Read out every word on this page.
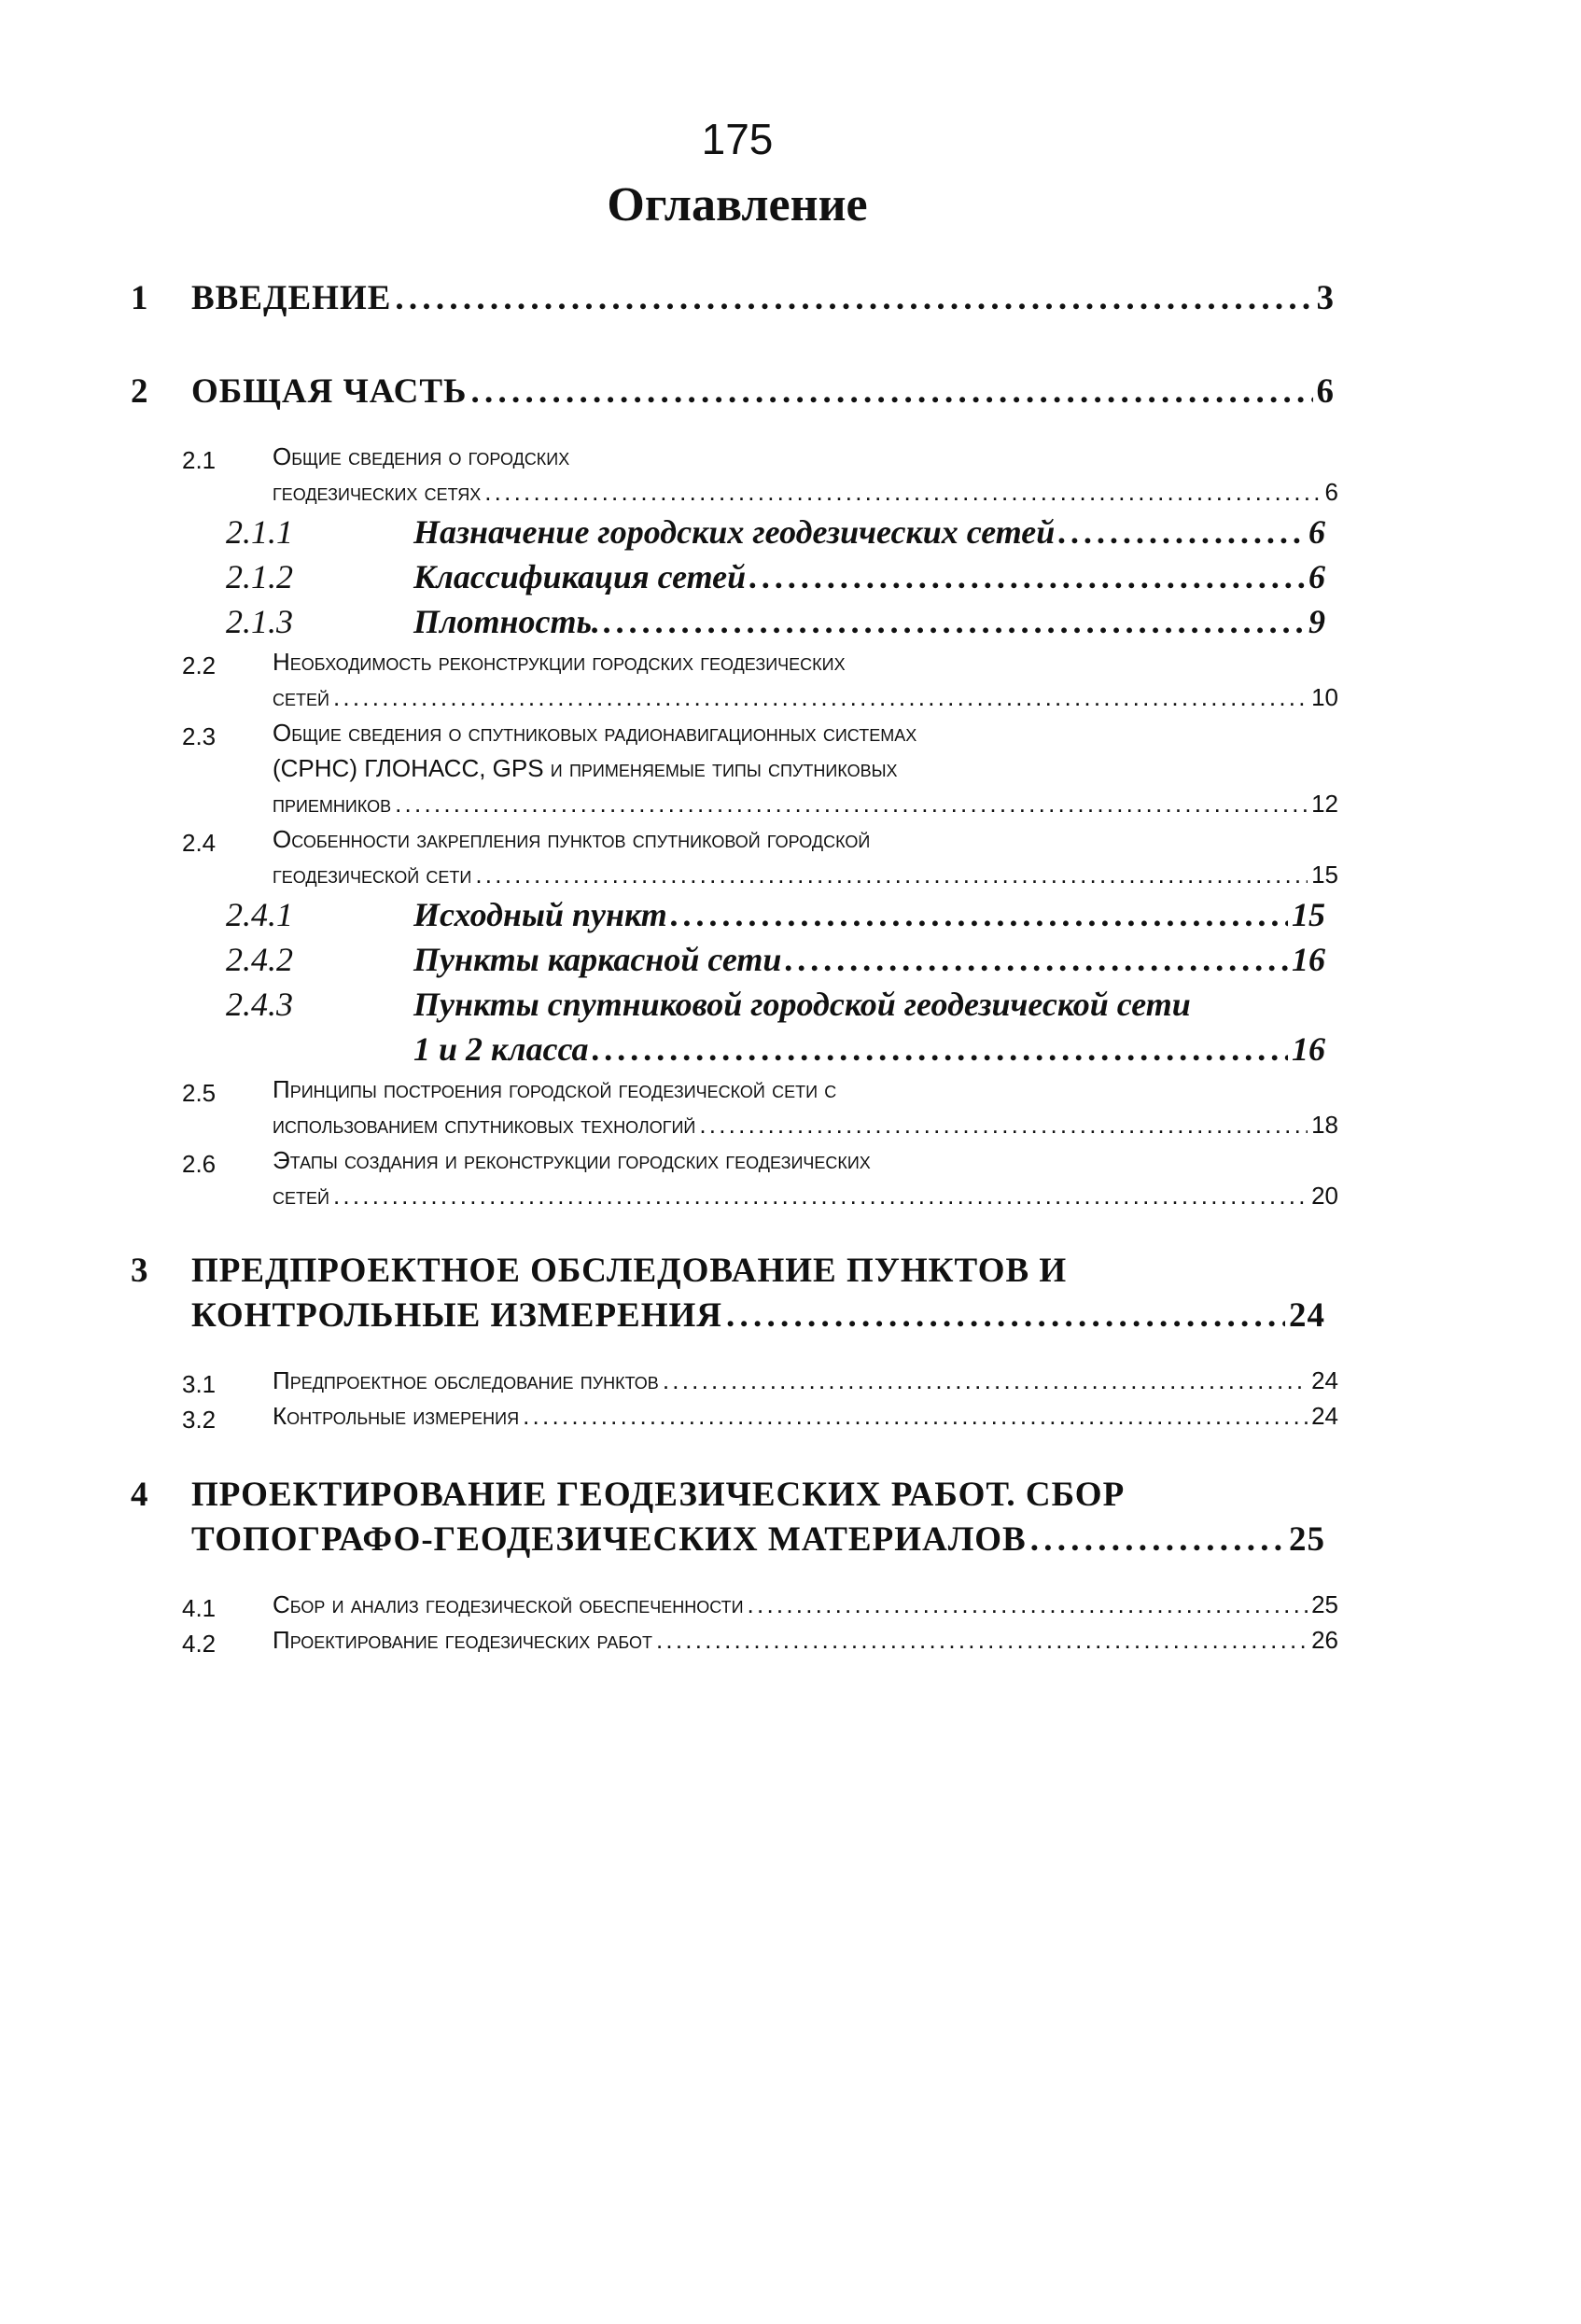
175
Оглавление
1 ВВЕДЕНИЕ . . .	3
2 ОБЩАЯ ЧАСТЬ . . .	6
2.1 Общие сведения о городских
геодезических сетях . . .	6
2.1.1	Назначение городских геодезических сетей . . .	6
2.1.2	Классификация сетей . . .	6
2.1.3	Плотность. . . .	9
2.2 Необходимость реконструкции городских геодезических
сетей . . .	10
2.3 Общие сведения о спутниковых радионавигационных системах
(СРНС) ГЛОНАСС, GPS и применяемые типы спутниковых
приемников . . .	12
2.4 Особенности закрепления пунктов спутниковой городской
геодезической сети . . .	15
2.4.1	Исходный пункт . . .	15
2.4.2	Пункты каркасной сети . . .	16
2.4.3	Пункты спутниковой городской геодезической сети
1 и 2 класса . . .	16
2.5 Принципы построения городской геодезической сети с
использованием спутниковых технологий . . .	18
2.6 Этапы создания и реконструкции городских геодезических
сетей . . .	20
3 ПРЕДПРОЕКТНОЕ ОБСЛЕДОВАНИЕ ПУНКТОВ И
КОНТРОЛЬНЫЕ ИЗМЕРЕНИЯ . . .	24
3.1 Предпроектное обследование пунктов . . .	24
3.2 Контрольные измерения . . .	24
4 ПРОЕКТИРОВАНИЕ ГЕОДЕЗИЧЕСКИХ РАБОТ. СБОР
ТОПОГРАФО-ГЕОДЕЗИЧЕСКИХ МАТЕРИАЛОВ . . .	25
4.1 Сбор и анализ геодезической обеспеченности . . .	25
4.2 Проектирование геодезических работ . . .	26
